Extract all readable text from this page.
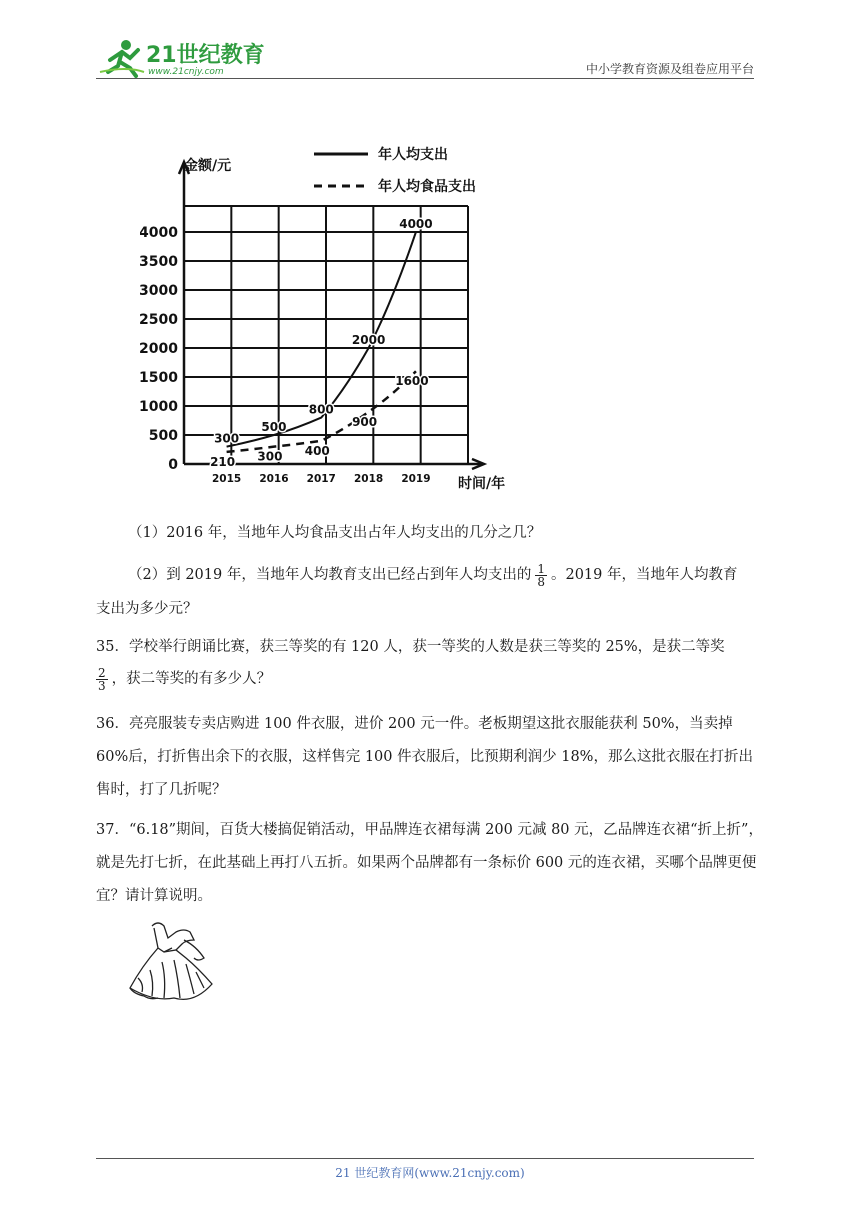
21世纪教育
www.21cnjy.com	中小学教育资源及组卷应用平台
0
500
1000
1500
2000
2500
3000
3500
4000
2015 2016 2017 2018 2019
300
500
800
2000
4000
210 300 400
900
1600
年人均支出
年人均食品支出
金额/元
时间/年
（1）2016 年，当地年人均食品支出占年人均支出的几分之几？
（2）到 2019 年，当地年人均教育支出已经占到年人均支出的 $\frac{1}{8}$ 。2019 年，当地年人均教育
支出为多少元？
35．学校举行朗诵比赛，获三等奖的有 120 人，获一等奖的人数是获三等奖的 25%，是获二等奖
$\frac{2}{3}$ ，获二等奖的有多少人？
36．亮亮服装专卖店购进 100 件衣服，进价 200 元一件。老板期望这批衣服能获利 50%，当卖掉 60%后，打折售出余下的衣服，这样售完 100 件衣服后，比预期利润少 18%，那么这批衣服在打折出售时，打了几折呢？
37．“6.18”期间，百货大楼搞促销活动，甲品牌连衣裙每满 200 元减 80 元，乙品牌连衣裙“折上折”，就是先打七折，在此基础上再打八五折。如果两个品牌都有一条标价 600 元的连衣裙，买哪个品牌更便宜？请计算说明。
21 世纪教育网(www.21cnjy.com)
